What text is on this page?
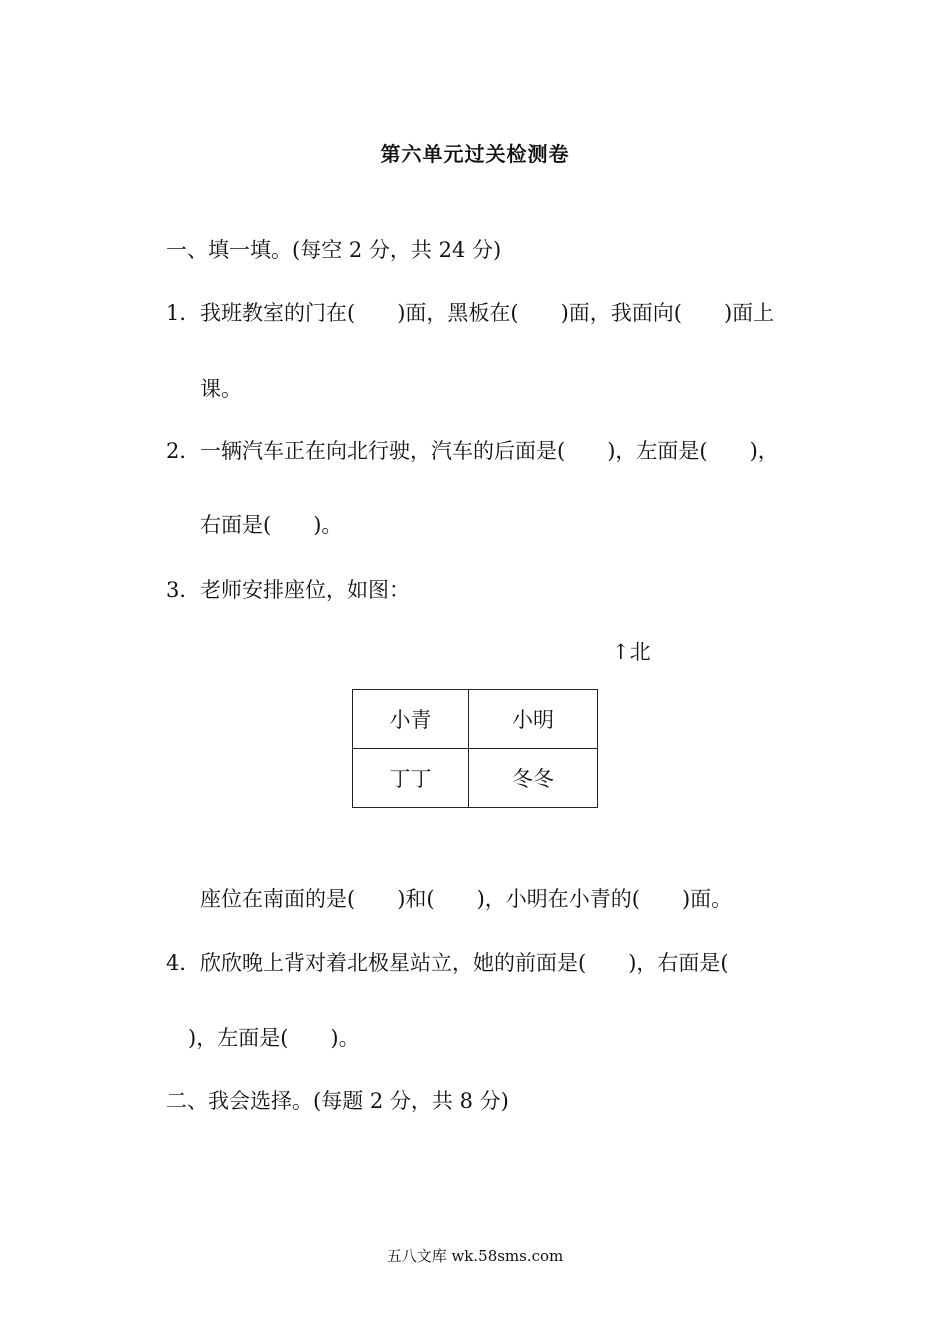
第六单元过关检测卷
一、填一填。(每空 2 分，共 24 分)
1．我班教室的门在(　　)面，黑板在(　　)面，我面向(　　)面上
课。
2．一辆汽车正在向北行驶，汽车的后面是(　　)，左面是(　　)，
右面是(　　)。
3．老师安排座位，如图：
↑北
小青	小明
丁丁	冬冬
座位在南面的是(　　)和(　　)，小明在小青的(　　)面。
4．欣欣晚上背对着北极星站立，她的前面是(　　)，右面是(
)，左面是(　　)。
二、我会选择。(每题 2 分，共 8 分)
五八文库 wk.58sms.com
